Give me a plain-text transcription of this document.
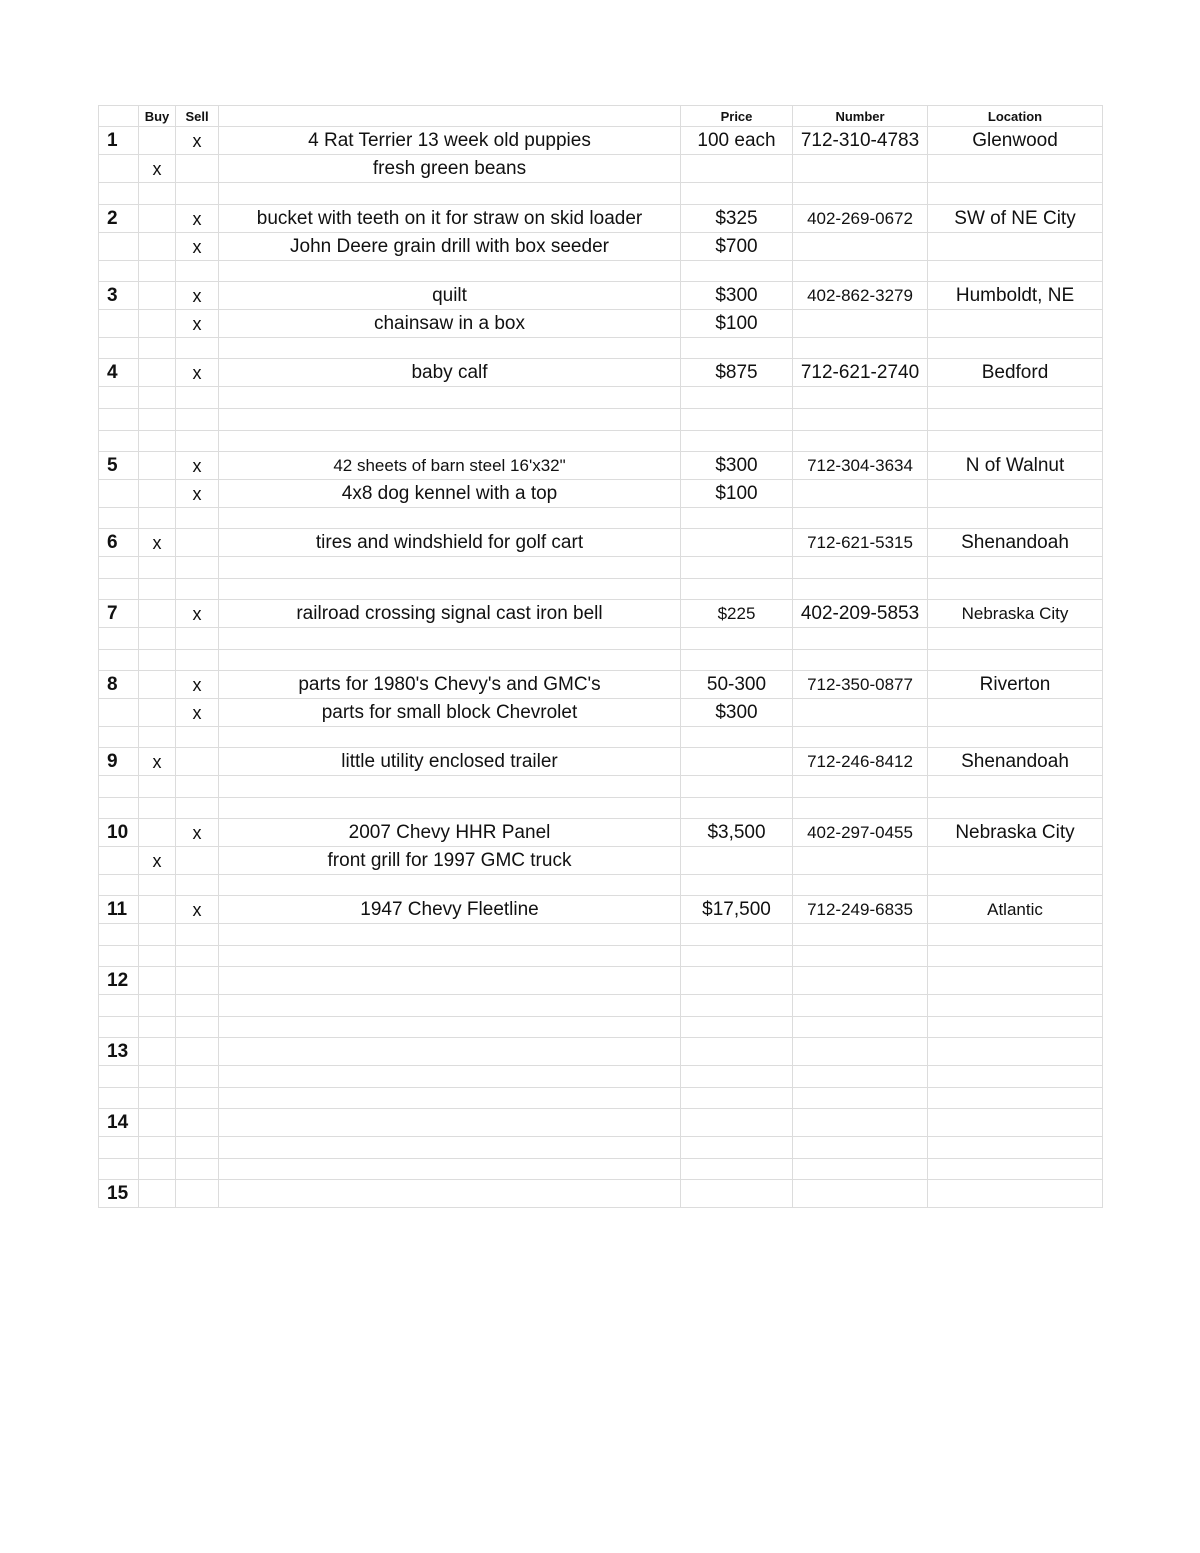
	Buy	Sell		Price	Number	Location
1		x	4 Rat Terrier 13 week old puppies	100 each	712-310-4783	Glenwood
	x		fresh green beans			

2		x	bucket with teeth on it for straw on skid loader	$325	402-269-0672	SW of NE City
		x	John Deere grain drill with box seeder	$700		

3		x	quilt	$300	402-862-3279	Humboldt, NE
		x	chainsaw in a box	$100		

4		x	baby calf	$875	712-621-2740	Bedford

5		x	42 sheets of barn steel 16'x32"	$300	712-304-3634	N of Walnut
		x	4x8 dog kennel with a top	$100		

6	x		tires and windshield for golf cart		712-621-5315	Shenandoah

7		x	railroad crossing signal cast iron bell	$225	402-209-5853	Nebraska City

8		x	parts for 1980's Chevy's and GMC's	50-300	712-350-0877	Riverton
		x	parts for small block Chevrolet	$300		

9	x		little utility enclosed trailer		712-246-8412	Shenandoah

10		x	2007 Chevy HHR Panel	$3,500	402-297-0455	Nebraska City
	x		front grill for 1997 GMC truck			

11		x	1947 Chevy Fleetline	$17,500	712-249-6835	Atlantic

12						

13						

14						

15						
